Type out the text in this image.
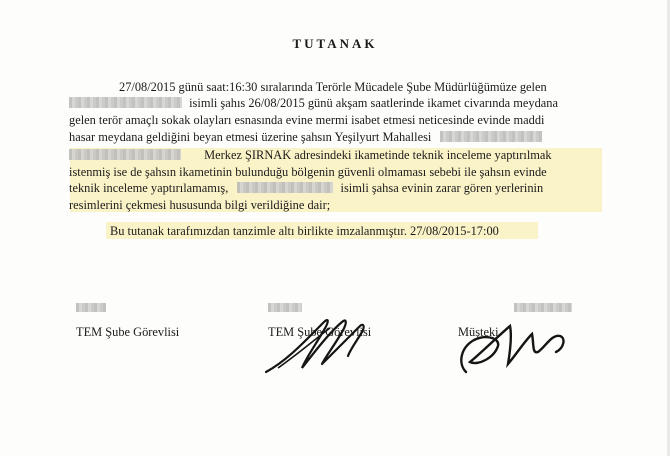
TUTANAK
27/08/2015 günü saat:16:30 sıralarında Terörle Mücadele Şube Müdürlüğümüze gelen
isimli şahıs 26/08/2015 günü akşam saatlerinde ikamet civarında meydana
gelen terör amaçlı sokak olayları esnasında evine mermi isabet etmesi neticesinde evinde maddi
hasar meydana geldiğini beyan etmesi üzerine şahsın Yeşilyurt Mahallesi
Merkez ŞIRNAK adresindeki ikametinde teknik inceleme yaptırılmak
istenmiş ise de şahsın ikametinin bulunduğu bölgenin güvenli olmaması sebebi ile şahsın evinde
teknik inceleme yaptırılamamış,	isimli şahsa evinin zarar gören yerlerinin
resimlerini çekmesi hususunda bilgi verildiğine dair;
Bu tutanak tarafımızdan tanzimle altı birlikte imzalanmıştır. 27/08/2015-17:00
TEM Şube Görevlisi	TEM Şube Görevlisi	Müşteki
